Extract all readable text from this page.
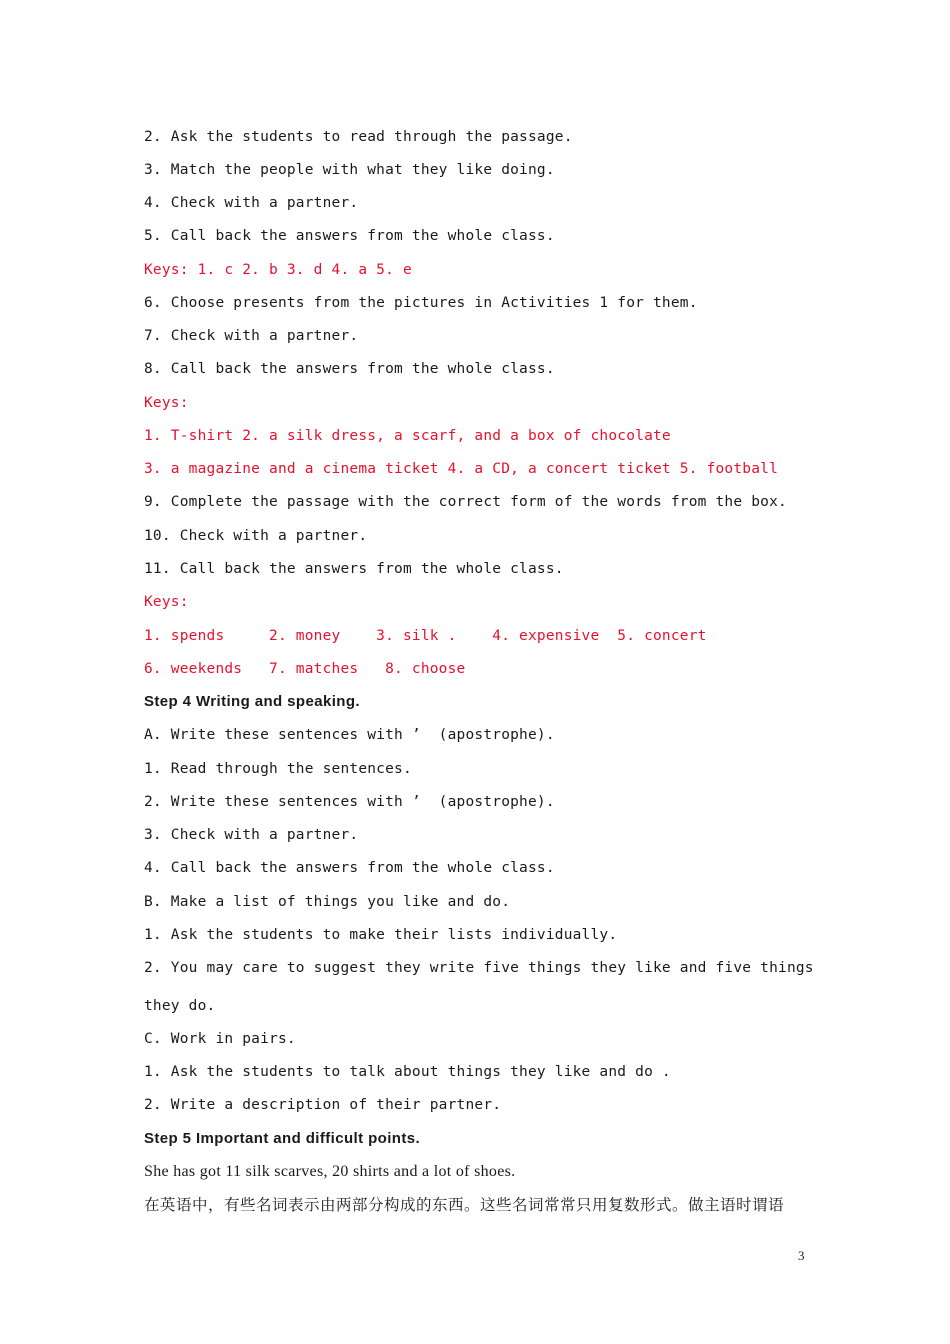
2. Ask the students to read through the passage.
3. Match the people with what they like doing.
4. Check with a partner.
5. Call back the answers from the whole class.
Keys: 1. c 2. b 3. d 4. a 5. e
6. Choose presents from the pictures in Activities 1 for them.
7. Check with a partner.
8. Call back the answers from the whole class.
Keys:
1. T-shirt 2. a silk dress, a scarf, and a box of chocolate
3. a magazine and a cinema ticket 4. a CD, a concert ticket 5. football
9. Complete the passage with the correct form of the words from the box.
10. Check with a partner.
11. Call back the answers from the whole class.
Keys:
1. spends     2. money    3. silk .    4. expensive  5. concert
6. weekends   7. matches   8. choose
Step 4 Writing and speaking.
A. Write these sentences with ’  (apostrophe).
1. Read through the sentences.
2. Write these sentences with ’  (apostrophe).
3. Check with a partner.
4. Call back the answers from the whole class.
B. Make a list of things you like and do.
1. Ask the students to make their lists individually.
2. You may care to suggest they write five things they like and five things
they do.
C. Work in pairs.
1. Ask the students to talk about things they like and do .
2. Write a description of their partner.
Step 5 Important and difficult points.
She has got 11 silk scarves, 20 shirts and a lot of shoes.
在英语中，有些名词表示由两部分构成的东西。这些名词常常只用复数形式。做主语时谓语
3
